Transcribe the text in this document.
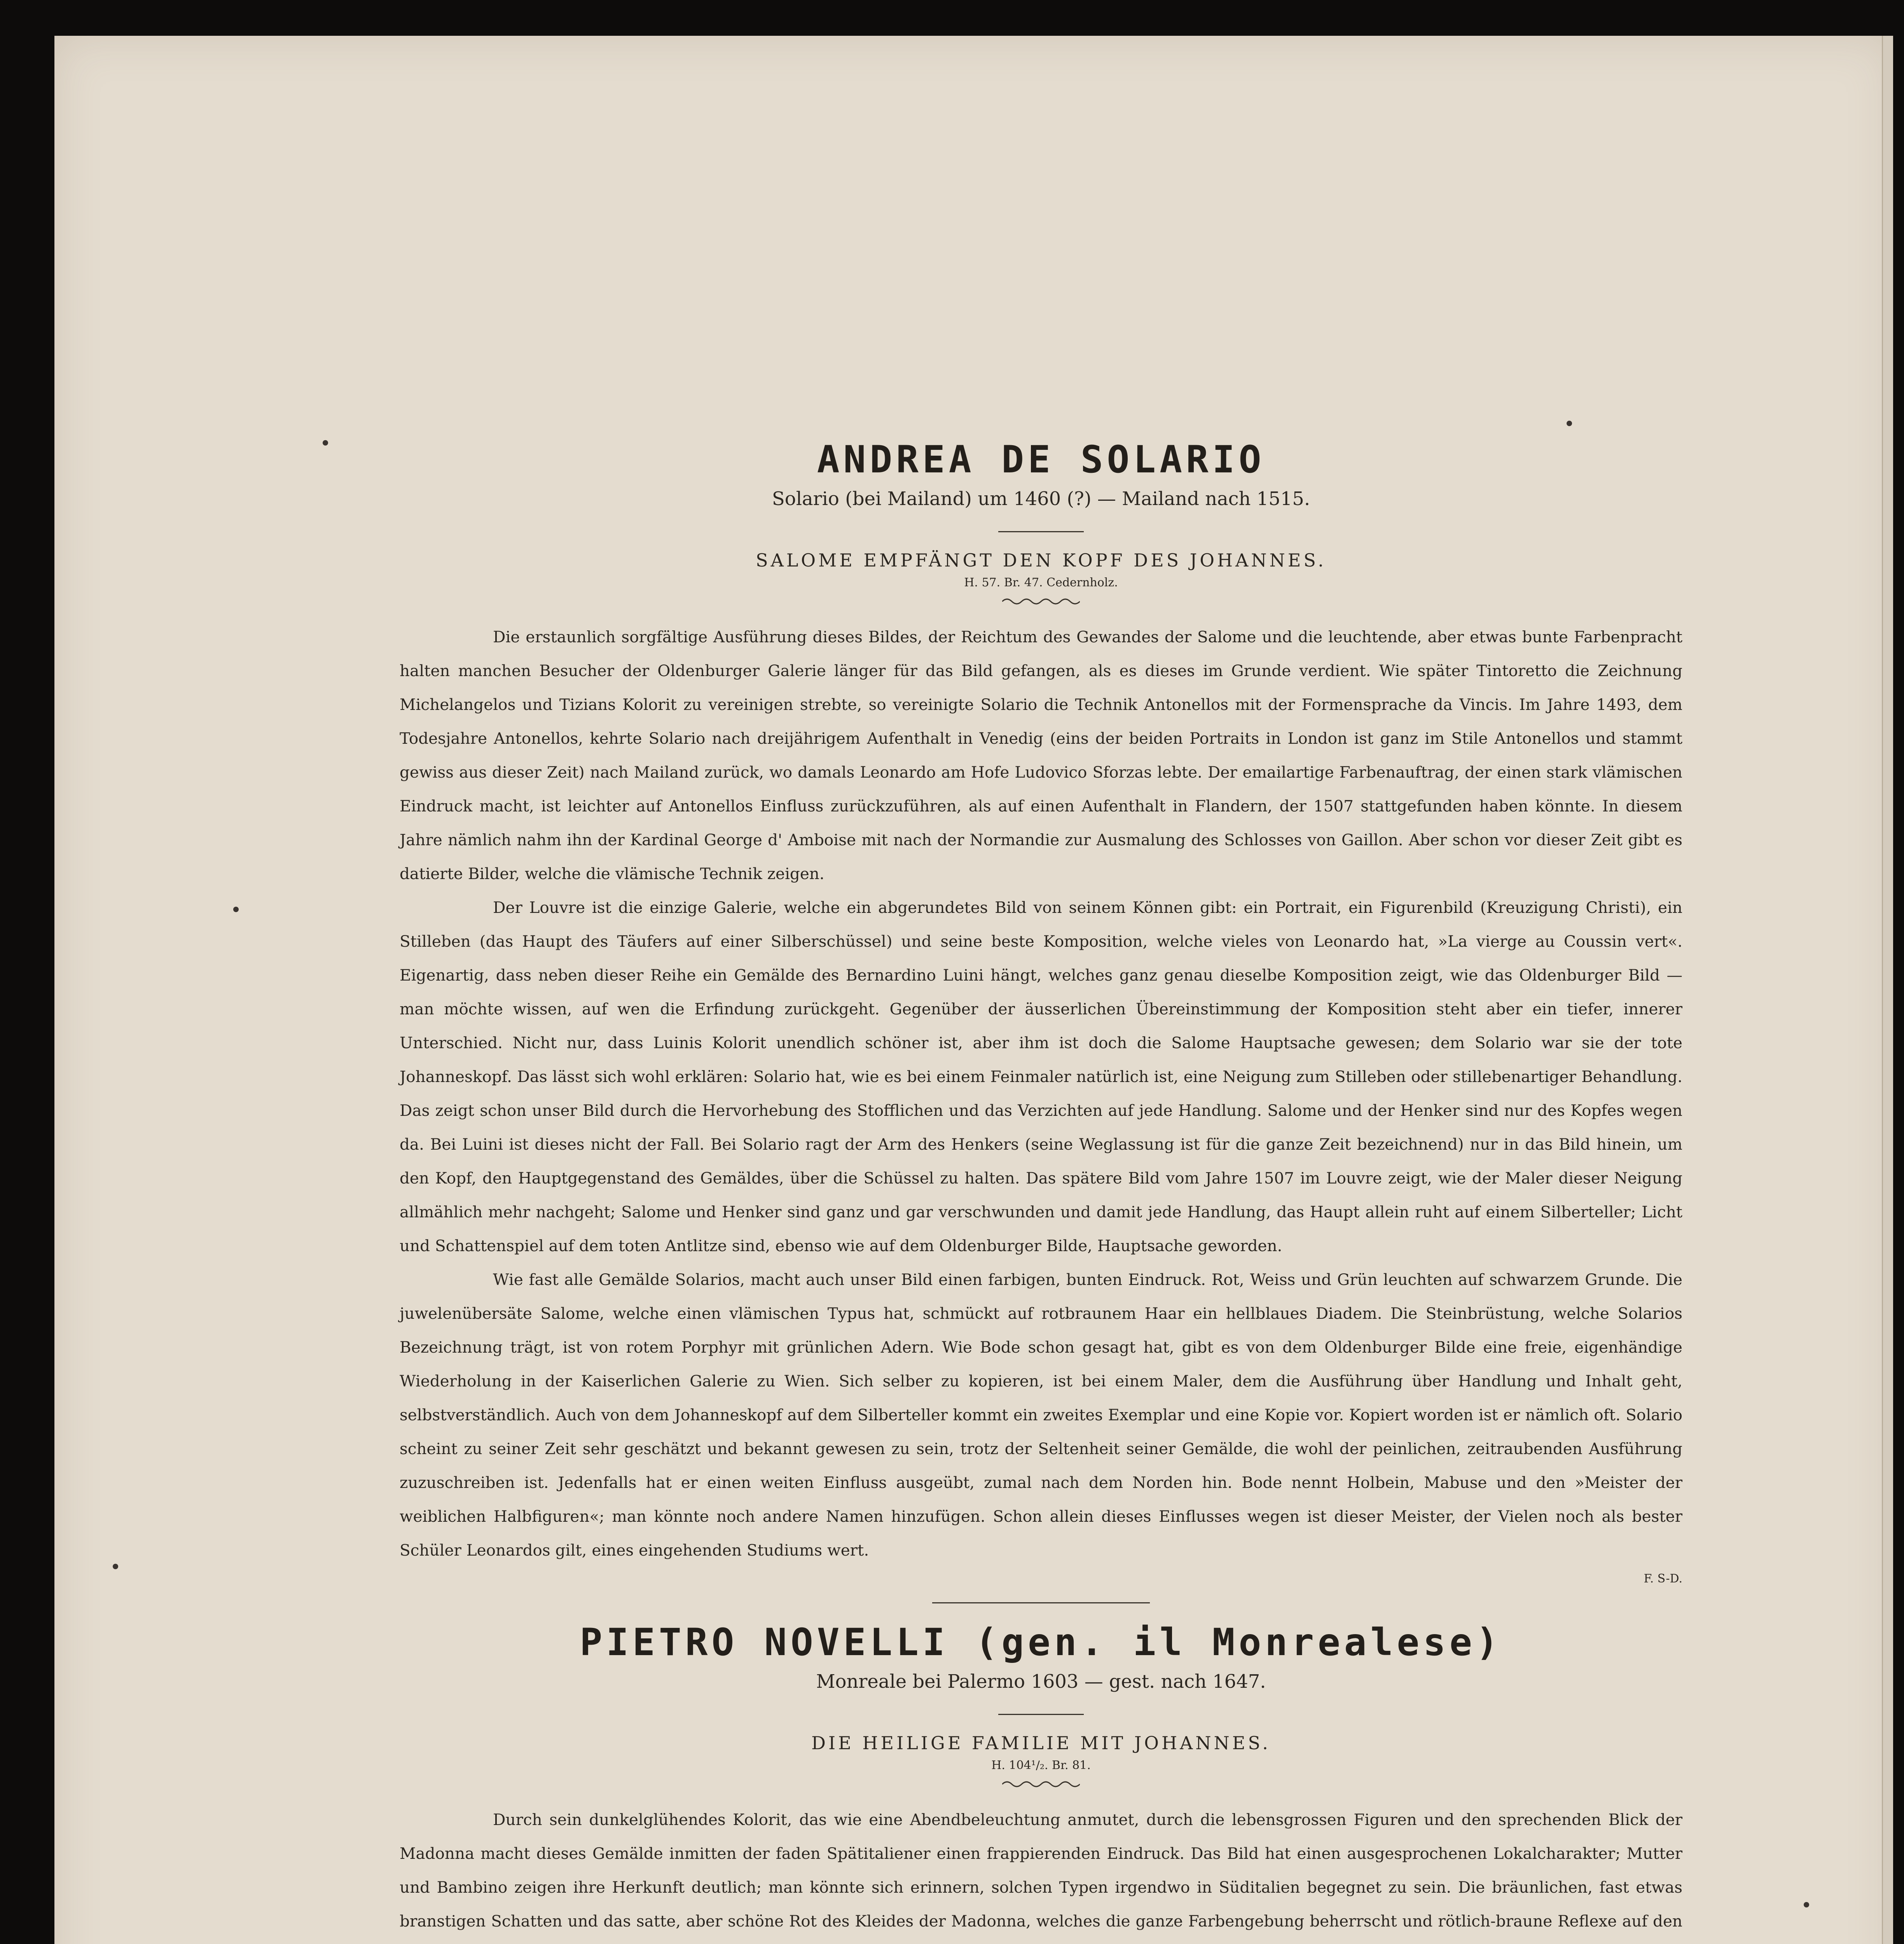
ANDREA DE SOLARIO

Solario (bei Mailand) um 1460 (?) — Mailand nach 1515.

SALOME EMPFÄNGT DEN KOPF DES JOHANNES.

H. 57. Br. 47. Cedernholz.

Die erstaunlich sorgfältige Ausführung dieses Bildes, der Reichtum des Gewandes der Salome und die leuchtende, aber etwas bunte Farbenpracht halten manchen Besucher der Oldenburger Galerie länger für das Bild gefangen, als es dieses im Grunde verdient. Wie später Tintoretto die Zeichnung Michelangelos und Tizians Kolorit zu vereinigen strebte, so vereinigte Solario die Technik Antonellos mit der Formensprache da Vincis. Im Jahre 1493, dem Todesjahre Antonellos, kehrte Solario nach dreijährigem Aufenthalt in Venedig (eins der beiden Portraits in London ist ganz im Stile Antonellos und stammt gewiss aus dieser Zeit) nach Mailand zurück, wo damals Leonardo am Hofe Ludovico Sforzas lebte. Der emailartige Farbenauftrag, der einen stark vlämischen Eindruck macht, ist leichter auf Antonellos Einfluss zurückzuführen, als auf einen Aufenthalt in Flandern, der 1507 stattgefunden haben könnte. In diesem Jahre nämlich nahm ihn der Kardinal George d' Amboise mit nach der Normandie zur Ausmalung des Schlosses von Gaillon. Aber schon vor dieser Zeit gibt es datierte Bilder, welche die vlämische Technik zeigen.

Der Louvre ist die einzige Galerie, welche ein abgerundetes Bild von seinem Können gibt: ein Portrait, ein Figurenbild (Kreuzigung Christi), ein Stilleben (das Haupt des Täufers auf einer Silberschüssel) und seine beste Komposition, welche vieles von Leonardo hat, »La vierge au Coussin vert«. Eigenartig, dass neben dieser Reihe ein Gemälde des Bernardino Luini hängt, welches ganz genau dieselbe Komposition zeigt, wie das Oldenburger Bild — man möchte wissen, auf wen die Erfindung zurückgeht. Gegenüber der äusserlichen Übereinstimmung der Komposition steht aber ein tiefer, innerer Unterschied. Nicht nur, dass Luinis Kolorit unendlich schöner ist, aber ihm ist doch die Salome Hauptsache gewesen; dem Solario war sie der tote Johanneskopf. Das lässt sich wohl erklären: Solario hat, wie es bei einem Feinmaler natürlich ist, eine Neigung zum Stilleben oder stillebenartiger Behandlung. Das zeigt schon unser Bild durch die Hervorhebung des Stofflichen und das Verzichten auf jede Handlung. Salome und der Henker sind nur des Kopfes wegen da. Bei Luini ist dieses nicht der Fall. Bei Solario ragt der Arm des Henkers (seine Weglassung ist für die ganze Zeit bezeichnend) nur in das Bild hinein, um den Kopf, den Hauptgegenstand des Gemäldes, über die Schüssel zu halten. Das spätere Bild vom Jahre 1507 im Louvre zeigt, wie der Maler dieser Neigung allmählich mehr nachgeht; Salome und Henker sind ganz und gar verschwunden und damit jede Handlung, das Haupt allein ruht auf einem Silberteller; Licht und Schattenspiel auf dem toten Antlitze sind, ebenso wie auf dem Oldenburger Bilde, Hauptsache geworden.

Wie fast alle Gemälde Solarios, macht auch unser Bild einen farbigen, bunten Eindruck. Rot, Weiss und Grün leuchten auf schwarzem Grunde. Die juwelenübersäte Salome, welche einen vlämischen Typus hat, schmückt auf rotbraunem Haar ein hellblaues Diadem. Die Steinbrüstung, welche Solarios Bezeichnung trägt, ist von rotem Porphyr mit grünlichen Adern. Wie Bode schon gesagt hat, gibt es von dem Oldenburger Bilde eine freie, eigenhändige Wiederholung in der Kaiserlichen Galerie zu Wien. Sich selber zu kopieren, ist bei einem Maler, dem die Ausführung über Handlung und Inhalt geht, selbstverständlich. Auch von dem Johanneskopf auf dem Silberteller kommt ein zweites Exemplar und eine Kopie vor. Kopiert worden ist er nämlich oft. Solario scheint zu seiner Zeit sehr geschätzt und bekannt gewesen zu sein, trotz der Seltenheit seiner Gemälde, die wohl der peinlichen, zeitraubenden Ausführung zuzuschreiben ist. Jedenfalls hat er einen weiten Einfluss ausgeübt, zumal nach dem Norden hin. Bode nennt Holbein, Mabuse und den »Meister der weiblichen Halbfiguren«; man könnte noch andere Namen hinzufügen. Schon allein dieses Einflusses wegen ist dieser Meister, der Vielen noch als bester Schüler Leonardos gilt, eines eingehenden Studiums wert.

F. S-D.

PIETRO NOVELLI (gen. il Monrealese)

Monreale bei Palermo 1603 — gest. nach 1647.

DIE HEILIGE FAMILIE MIT JOHANNES.

H. 104¹/₂. Br. 81.

Durch sein dunkelglühendes Kolorit, das wie eine Abendbeleuchtung anmutet, durch die lebensgrossen Figuren und den sprechenden Blick der Madonna macht dieses Gemälde inmitten der faden Spätitaliener einen frappierenden Eindruck. Das Bild hat einen ausgesprochenen Lokalcharakter; Mutter und Bambino zeigen ihre Herkunft deutlich; man könnte sich erinnern, solchen Typen irgendwo in Süditalien begegnet zu sein. Die bräunlichen, fast etwas branstigen Schatten und das satte, aber schöne Rot des Kleides der Madonna, welches die ganze Farbengebung beherrscht und rötlich-braune Reflexe auf den
